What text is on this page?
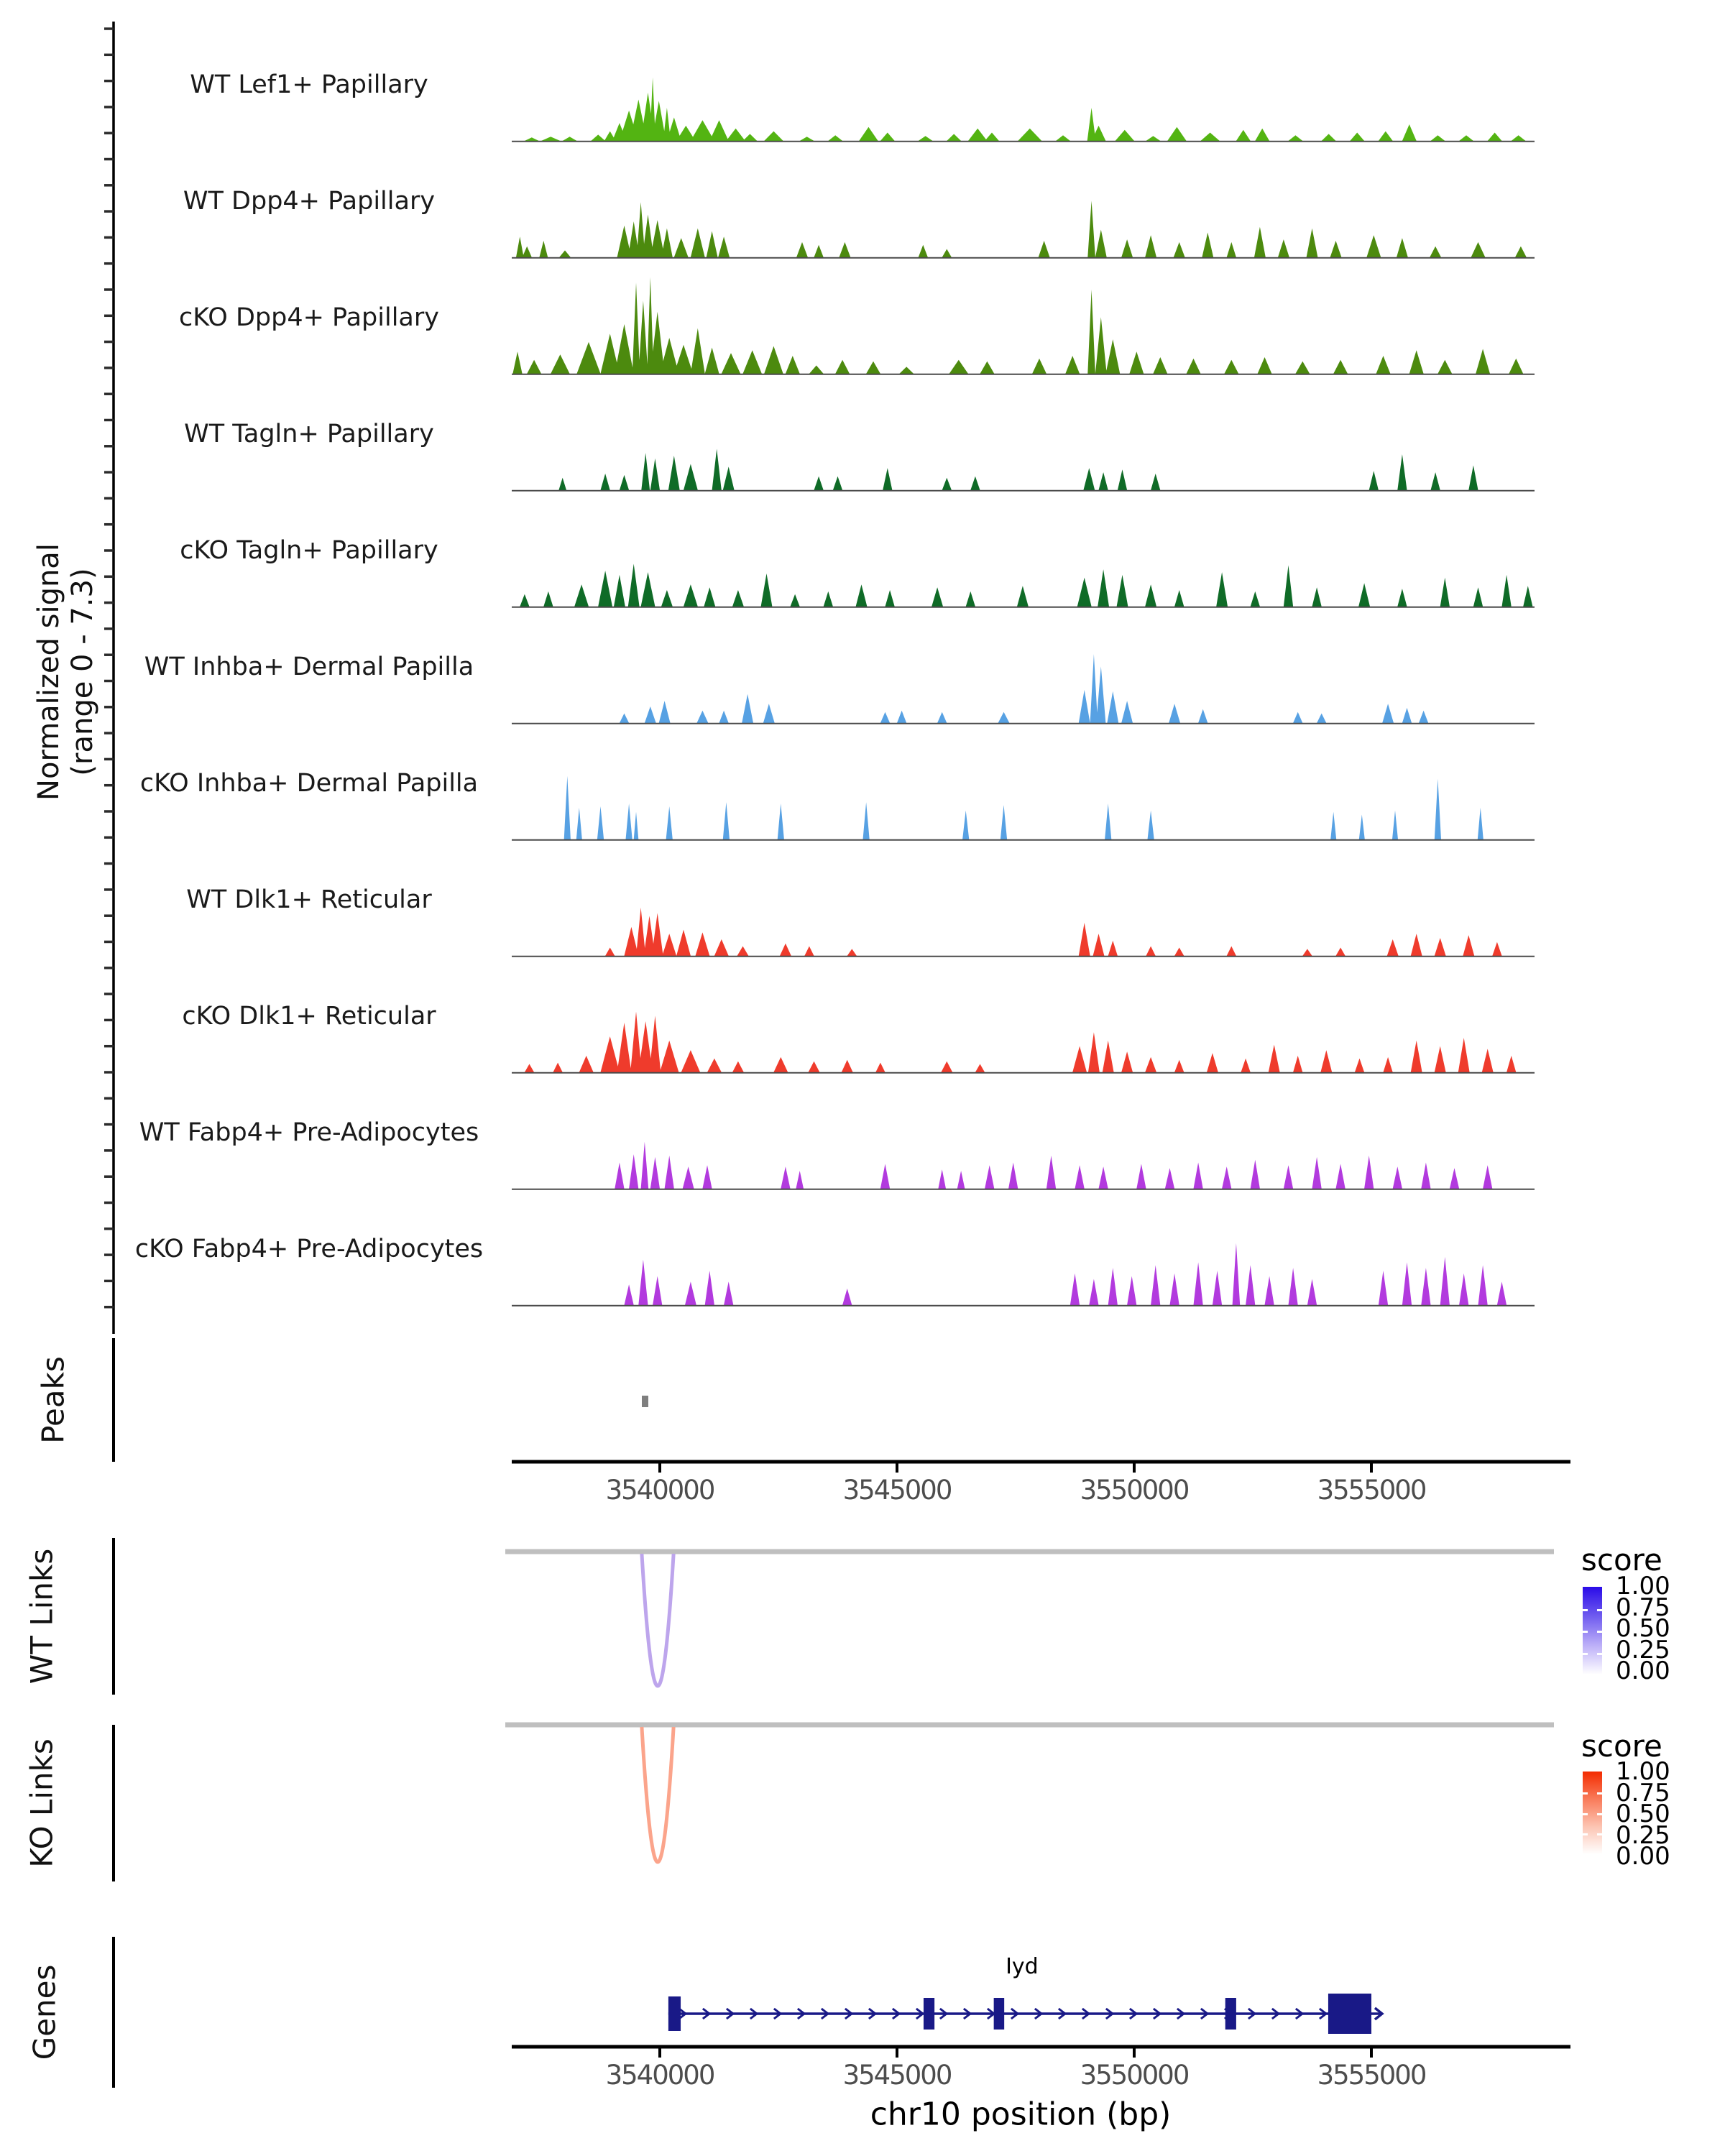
Normalized signal (range 0 - 7.3)
WT Lef1+ Papillary
WT Dpp4+ Papillary
cKO Dpp4+ Papillary
WT Tagln+ Papillary
cKO Tagln+ Papillary
WT Inhba+ Dermal Papilla
cKO Inhba+ Dermal Papilla
WT Dlk1+ Reticular
cKO Dlk1+ Reticular
WT Fabp4+ Pre-Adipocytes
cKO Fabp4+ Pre-Adipocytes
Peaks
3540000	3545000	3550000	3555000
WT Links	score
1.00
0.75
0.50
0.25
0.00
KO Links	score
1.00
0.75
0.50
0.25
0.00
Genes	Iyd
3540000	3545000	3550000	3555000
chr10 position (bp)
